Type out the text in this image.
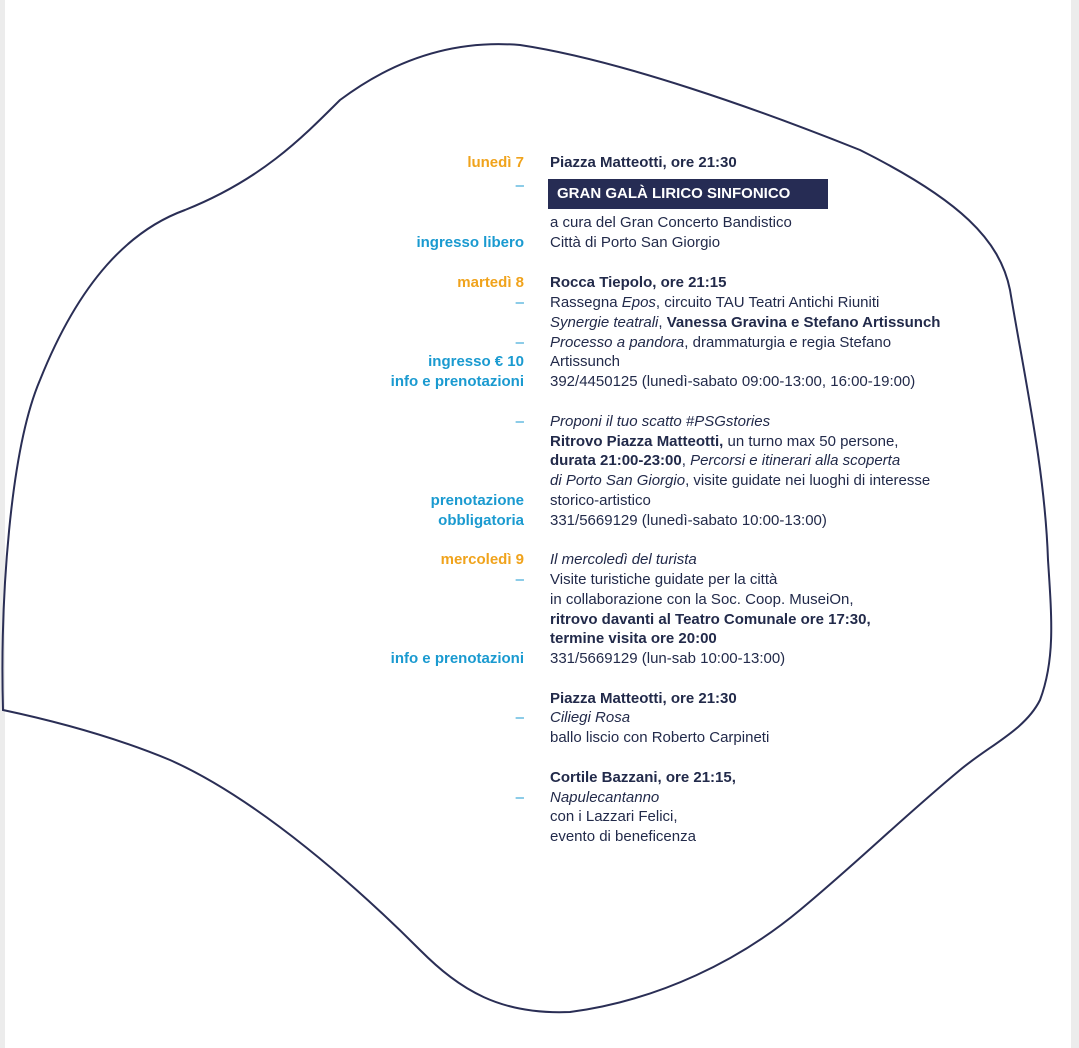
lunedì 7 Piazza Matteotti, ore 21:30
–	GRAN GALÀ LIRICO SINFONICO
a cura del Gran Concerto Bandistico
ingresso libero Città di Porto San Giorgio
martedì 8 Rocca Tiepolo, ore 21:15
– Rassegna Epos, circuito TAU Teatri Antichi Riuniti
Synergie teatrali, Vanessa Gravina e Stefano Artissunch
– Processo a pandora, drammaturgia e regia Stefano
ingresso € 10 Artissunch
info e prenotazioni 392/4450125 (lunedì-sabato 09:00-13:00, 16:00-19:00)
– Proponi il tuo scatto #PSGstories
Ritrovo Piazza Matteotti, un turno max 50 persone,
durata 21:00-23:00, Percorsi e itinerari alla scoperta
di Porto San Giorgio, visite guidate nei luoghi di interesse
prenotazione storico-artistico
obbligatoria 331/5669129 (lunedì-sabato 10:00-13:00)
mercoledì 9 Il mercoledì del turista
– Visite turistiche guidate per la città
in collaborazione con la Soc. Coop. MuseiOn,
ritrovo davanti al Teatro Comunale ore 17:30,
termine visita ore 20:00
info e prenotazioni 331/5669129 (lun-sab 10:00-13:00)
Piazza Matteotti, ore 21:30
– Ciliegi Rosa
ballo liscio con Roberto Carpineti
Cortile Bazzani, ore 21:15,
– Napulecantanno
con i Lazzari Felici,
evento di beneficenza
